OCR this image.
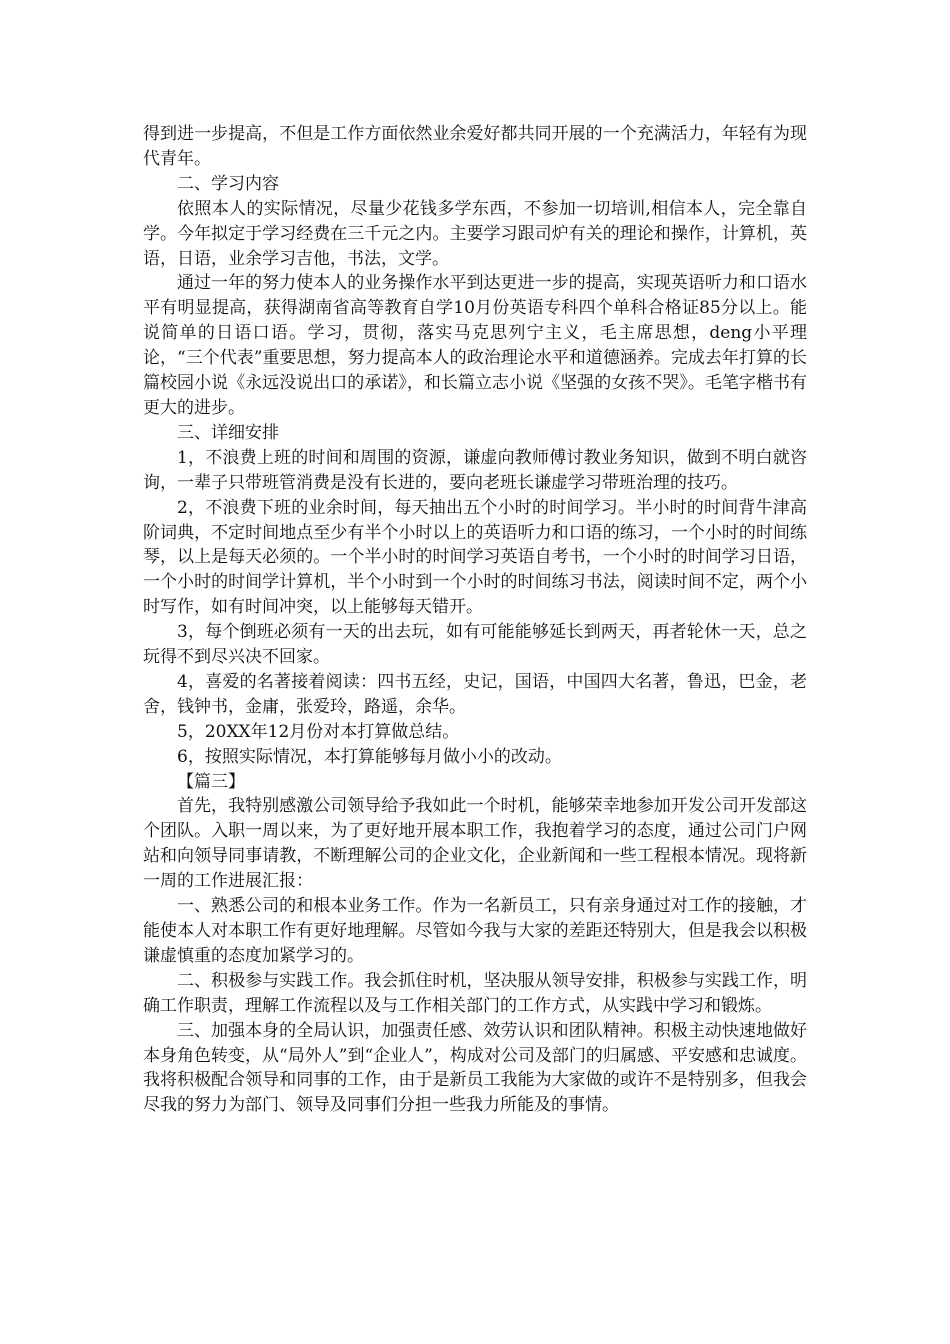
得到进一步提高，不但是工作方面依然业余爱好都共同开展的一个充满活力，年轻有为现代青年。

二、学习内容

依照本人的实际情况，尽量少花钱多学东西，不参加一切培训,相信本人，完全靠自学。今年拟定于学习经费在三千元之内。主要学习跟司炉有关的理论和操作，计算机，英语，日语，业余学习吉他，书法，文学。

通过一年的努力使本人的业务操作水平到达更进一步的提高，实现英语听力和口语水平有明显提高，获得湖南省高等教育自学10月份英语专科四个单科合格证85分以上。能说简单的日语口语。学习，贯彻，落实马克思列宁主义，毛主席思想，deng小平理论，“三个代表”重要思想，努力提高本人的政治理论水平和道德涵养。完成去年打算的长篇校园小说《永远没说出口的承诺》，和长篇立志小说《坚强的女孩不哭》。毛笔字楷书有更大的进步。

三、详细安排

1，不浪费上班的时间和周围的资源，谦虚向教师傅讨教业务知识，做到不明白就咨询，一辈子只带班管消费是没有长进的，要向老班长谦虚学习带班治理的技巧。

2，不浪费下班的业余时间，每天抽出五个小时的时间学习。半小时的时间背牛津高阶词典，不定时间地点至少有半个小时以上的英语听力和口语的练习，一个小时的时间练琴，以上是每天必须的。一个半小时的时间学习英语自考书，一个小时的时间学习日语，一个小时的时间学计算机，半个小时到一个小时的时间练习书法，阅读时间不定，两个小时写作，如有时间冲突，以上能够每天错开。

3，每个倒班必须有一天的出去玩，如有可能能够延长到两天，再者轮休一天，总之玩得不到尽兴决不回家。

4，喜爱的名著接着阅读：四书五经，史记，国语，中国四大名著，鲁迅，巴金，老舍，钱钟书，金庸，张爱玲，路遥，余华。

5，20XX年12月份对本打算做总结。

6，按照实际情况，本打算能够每月做小小的改动。

【篇三】

首先，我特别感激公司领导给予我如此一个时机，能够荣幸地参加开发公司开发部这个团队。入职一周以来，为了更好地开展本职工作，我抱着学习的态度，通过公司门户网站和向领导同事请教，不断理解公司的企业文化，企业新闻和一些工程根本情况。现将新一周的工作进展汇报：

一、熟悉公司的和根本业务工作。作为一名新员工，只有亲身通过对工作的接触，才能使本人对本职工作有更好地理解。尽管如今我与大家的差距还特别大，但是我会以积极谦虚慎重的态度加紧学习的。

二、积极参与实践工作。我会抓住时机，坚决服从领导安排，积极参与实践工作，明确工作职责，理解工作流程以及与工作相关部门的工作方式，从实践中学习和锻炼。

三、加强本身的全局认识，加强责任感、效劳认识和团队精神。积极主动快速地做好本身角色转变，从“局外人”到“企业人”，构成对公司及部门的归属感、平安感和忠诚度。我将积极配合领导和同事的工作，由于是新员工我能为大家做的或许不是特别多，但我会尽我的努力为部门、领导及同事们分担一些我力所能及的事情。
